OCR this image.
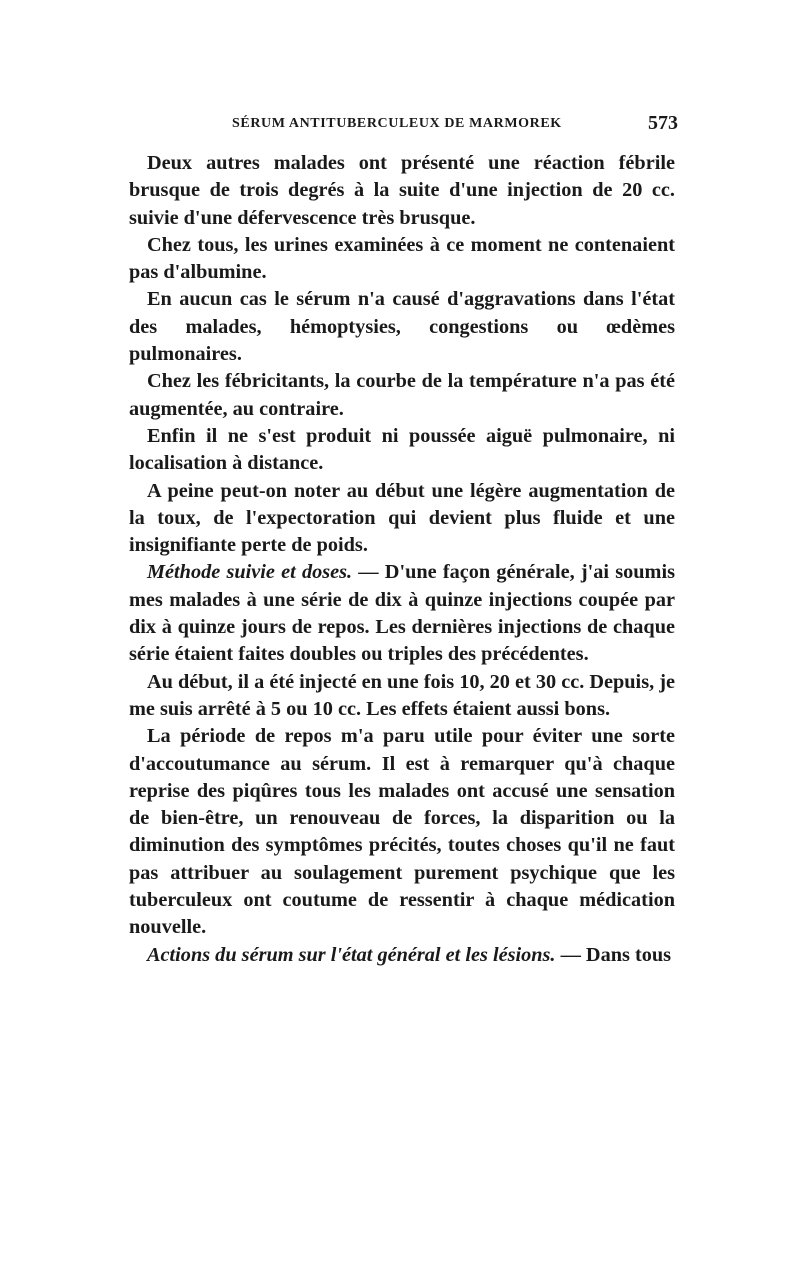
SÉRUM ANTITUBERCULEUX DE MARMOREK	573

Deux autres malades ont présenté une réaction fébrile brusque de trois degrés à la suite d'une injection de 20 cc. suivie d'une défervescence très brusque.

Chez tous, les urines examinées à ce moment ne contenaient pas d'albumine.

En aucun cas le sérum n'a causé d'aggravations dans l'état des malades, hémoptysies, congestions ou œdèmes pulmonaires.

Chez les fébricitants, la courbe de la température n'a pas été augmentée, au contraire.

Enfin il ne s'est produit ni poussée aiguë pulmonaire, ni localisation à distance.

A peine peut-on noter au début une légère augmentation de la toux, de l'expectoration qui devient plus fluide et une insignifiante perte de poids.

Méthode suivie et doses. — D'une façon générale, j'ai soumis mes malades à une série de dix à quinze injections coupée par dix à quinze jours de repos. Les dernières injections de chaque série étaient faites doubles ou triples des précédentes.

Au début, il a été injecté en une fois 10, 20 et 30 cc. Depuis, je me suis arrêté à 5 ou 10 cc. Les effets étaient aussi bons.

La période de repos m'a paru utile pour éviter une sorte d'accoutumance au sérum. Il est à remarquer qu'à chaque reprise des piqûres tous les malades ont accusé une sensation de bien-être, un renouveau de forces, la disparition ou la diminution des symptômes précités, toutes choses qu'il ne faut pas attribuer au soulagement purement psychique que les tuberculeux ont coutume de ressentir à chaque médication nouvelle.

Actions du sérum sur l'état général et les lésions. — Dans tous
